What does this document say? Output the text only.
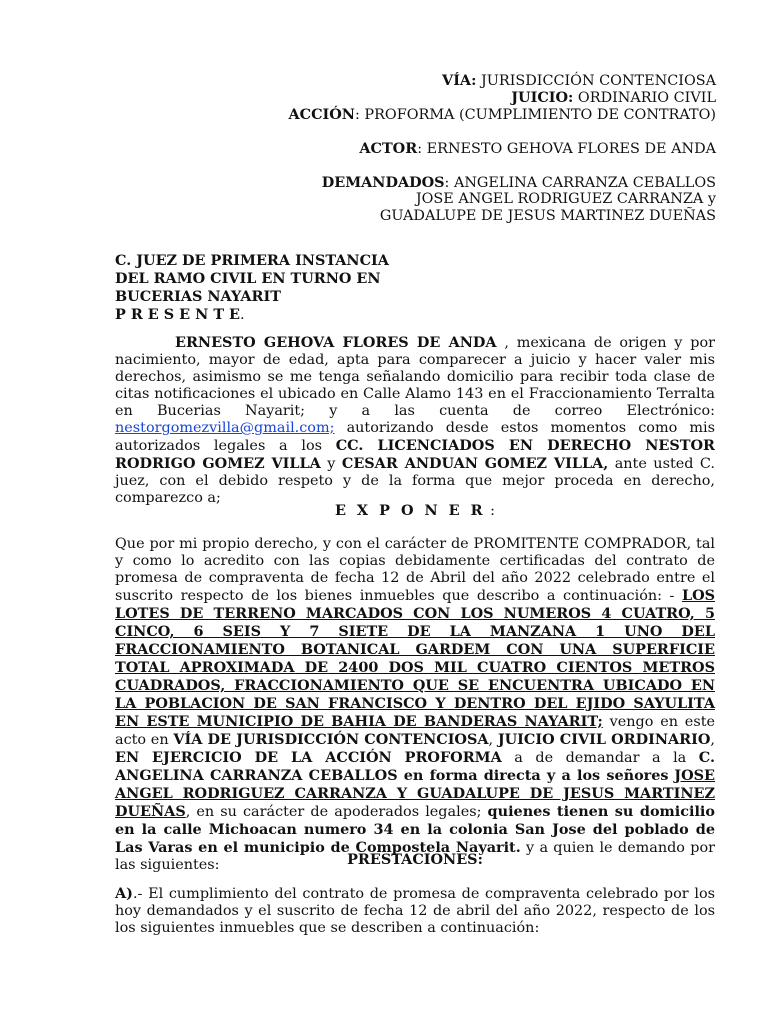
VÍA: JURISDICCIÓN CONTENCIOSA
JUICIO: ORDINARIO CIVIL
ACCIÓN: PROFORMA (CUMPLIMIENTO DE CONTRATO)
ACTOR: ERNESTO GEHOVA FLORES DE ANDA
DEMANDADOS: ANGELINA CARRANZA CEBALLOS
JOSE ANGEL RODRIGUEZ CARRANZA y
GUADALUPE DE JESUS MARTINEZ DUEÑAS
C. JUEZ DE PRIMERA INSTANCIA
DEL RAMO CIVIL EN TURNO EN
BUCERIAS NAYARIT
P R E S E N T E.
ERNESTO GEHOVA FLORES DE ANDA , mexicana de origen y por nacimiento, mayor de edad, apta para comparecer a juicio y hacer valer mis derechos, asimismo se me tenga señalando domicilio para recibir toda clase de citas notificaciones el ubicado en Calle Alamo 143 en el Fraccionamiento Terralta en Bucerias Nayarit; y a las cuenta de correo Electrónico: nestorgomezvilla@gmail.com; autorizando desde estos momentos como mis autorizados legales a los CC. LICENCIADOS EN DERECHO NESTOR RODRIGO GOMEZ VILLA y CESAR ANDUAN GOMEZ VILLA, ante usted C. juez, con el debido respeto y de la forma que mejor proceda en derecho, comparezco a;
E X P O N E R :
Que por mi propio derecho, y con el carácter de PROMITENTE COMPRADOR, tal y como lo acredito con las copias debidamente certificadas del contrato de promesa de compraventa de fecha 12 de Abril del año 2022 celebrado entre el suscrito respecto de los bienes inmuebles que describo a continuación: - LOS LOTES DE TERRENO MARCADOS CON LOS NUMEROS 4 CUATRO, 5 CINCO, 6 SEIS Y 7 SIETE DE LA MANZANA 1 UNO DEL FRACCIONAMIENTO BOTANICAL GARDEM CON UNA SUPERFICIE TOTAL APROXIMADA DE 2400 DOS MIL CUATRO CIENTOS METROS CUADRADOS, FRACCIONAMIENTO QUE SE ENCUENTRA UBICADO EN LA POBLACION DE SAN FRANCISCO Y DENTRO DEL EJIDO SAYULITA EN ESTE MUNICIPIO DE BAHIA DE BANDERAS NAYARIT; vengo en este acto en VÍA DE JURISDICCIÓN CONTENCIOSA, JUICIO CIVIL ORDINARIO, EN EJERCICIO DE LA ACCIÓN PROFORMA a de demandar a la C. ANGELINA CARRANZA CEBALLOS en forma directa y a los señores JOSE ANGEL RODRIGUEZ CARRANZA Y GUADALUPE DE JESUS MARTINEZ DUEÑAS, en su carácter de apoderados legales; quienes tienen su domicilio en la calle Michoacan numero 34 en la colonia San Jose del poblado de Las Varas en el municipio de Compostela Nayarit. y a quien le demando por las siguientes:	PRESTACIONES:
A).- El cumplimiento del contrato de promesa de compraventa celebrado por los hoy demandados y el suscrito de fecha 12 de abril del año 2022, respecto de los los siguientes inmuebles que se describen a continuación:
